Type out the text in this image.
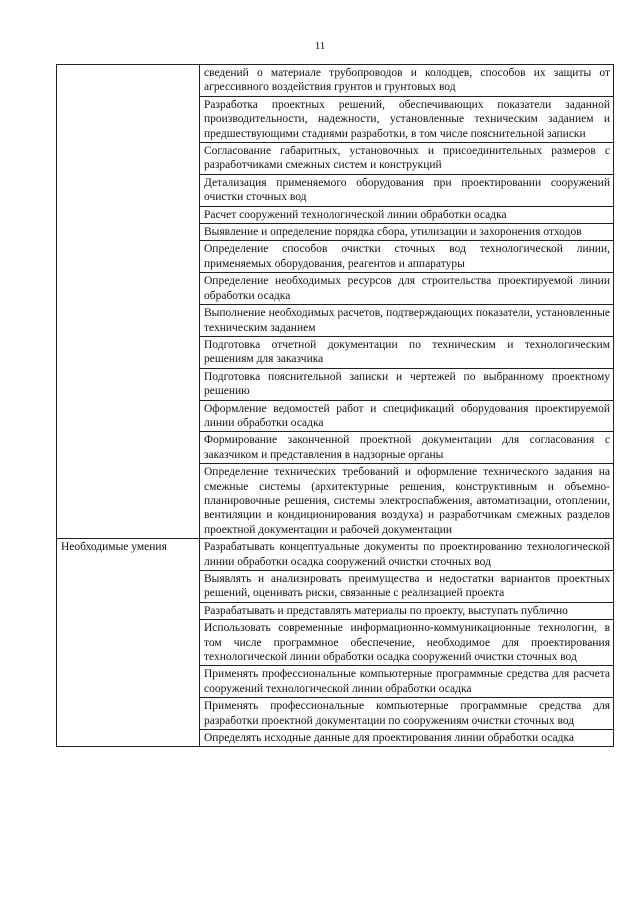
11
	сведений о материале трубопроводов и колодцев, способов их защиты от агрессивного воздействия грунтов и грунтовых вод
	Разработка проектных решений, обеспечивающих показатели заданной производительности, надежности, установленные техническим заданием и предшествующими стадиями разработки, в том числе пояснительной записки
	Согласование габаритных, установочных и присоединительных размеров с разработчиками смежных систем и конструкций
	Детализация применяемого оборудования при проектировании сооружений очистки сточных вод
	Расчет сооружений технологической линии обработки осадка
	Выявление и определение порядка сбора, утилизации и захоронения отходов
	Определение способов очистки сточных вод технологической линии, применяемых оборудования, реагентов и аппаратуры
	Определение необходимых ресурсов для строительства проектируемой линии обработки осадка
	Выполнение необходимых расчетов, подтверждающих показатели, установленные техническим заданием
	Подготовка отчетной документации по техническим и технологическим решениям для заказчика
	Подготовка пояснительной записки и чертежей по выбранному проектному решению
	Оформление ведомостей работ и спецификаций оборудования проектируемой линии обработки осадка
	Формирование законченной проектной документации для согласования с заказчиком и представления в надзорные органы
	Определение технических требований и оформление технического задания на смежные системы (архитектурные решения, конструктивным и объемно-планировочные решения, системы электроспабжения, автоматизации, отоплении, вентиляции и кондиционирования воздуха) и разработчикам смежных разделов проектной документации и рабочей документации
Необходимые умения	Разрабатывать концептуальные документы по проектированию технологической линии обработки осадка сооружений очистки сточных вод
	Выявлять и анализировать преимущества и недостатки вариантов проектных решений, оценивать риски, связанные с реализацией проекта
	Разрабатывать и представлять материалы по проекту, выступать публично
	Использовать современные информационно-коммуникационные технологии, в том числе программное обеспечение, необходимое для проектирования технологической линии обработки осадка сооружений очистки сточных вод
	Применять профессиональные компьютерные программные средства для расчета сооружений технологической линии обработки осадка
	Применять профессиональные компьютерные программные средства для разработки проектной документации по сооружениям очистки сточных вод
	Определять исходные данные для проектирования линии обработки осадка
